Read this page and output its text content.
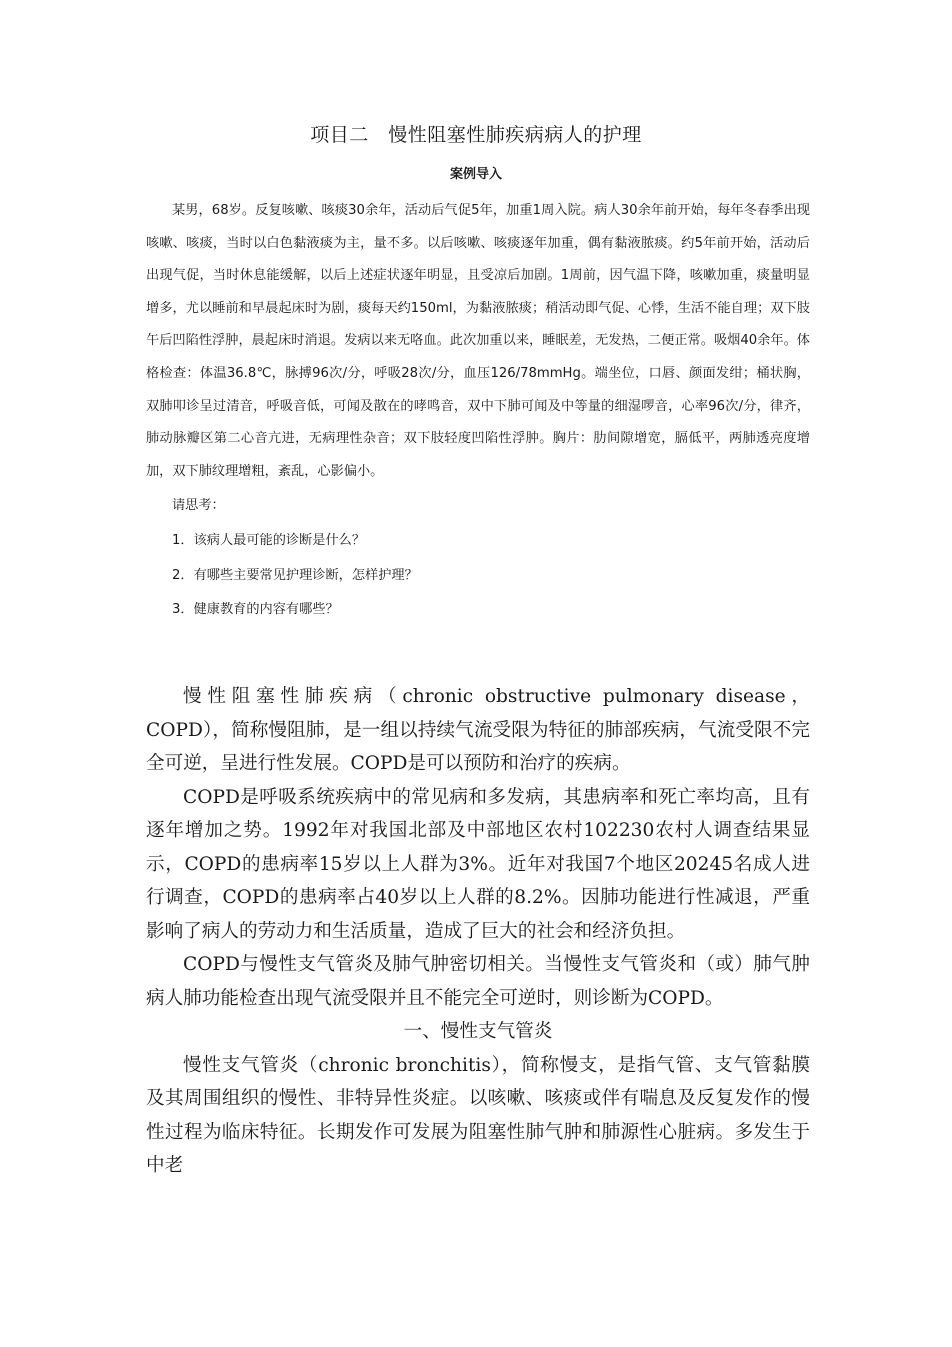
项目二　慢性阻塞性肺疾病病人的护理
案例导入

某男，68岁。反复咳嗽、咳痰30余年，活动后气促5年，加重1周入院。病人30余年前开始，每年冬春季出现咳嗽、咳痰，当时以白色黏液痰为主，量不多。以后咳嗽、咳痰逐年加重，偶有黏液脓痰。约5年前开始，活动后出现气促，当时休息能缓解，以后上述症状逐年明显，且受凉后加剧。1周前，因气温下降，咳嗽加重，痰量明显增多，尤以睡前和早晨起床时为剧，痰每天约150ml，为黏液脓痰；稍活动即气促、心悸，生活不能自理；双下肢午后凹陷性浮肿，晨起床时消退。发病以来无咯血。此次加重以来，睡眠差，无发热，二便正常。吸烟40余年。体格检查：体温36.8℃，脉搏96次/分，呼吸28次/分，血压126/78mmHg。端坐位，口唇、颜面发绀；桶状胸，双肺叩诊呈过清音，呼吸音低，可闻及散在的哮鸣音，双中下肺可闻及中等量的细湿啰音，心率96次/分，律齐，肺动脉瓣区第二心音亢进，无病理性杂音；双下肢轻度凹陷性浮肿。胸片：肋间隙增宽，膈低平，两肺透亮度增加，双下肺纹理增粗，紊乱，心影偏小。

请思考：

1．该病人最可能的诊断是什么？

2．有哪些主要常见护理诊断，怎样护理？

3．健康教育的内容有哪些？

慢性阻塞性肺疾病（chronic obstructive pulmonary disease，COPD），简称慢阻肺，是一组以持续气流受限为特征的肺部疾病，气流受限不完全可逆，呈进行性发展。COPD是可以预防和治疗的疾病。

COPD是呼吸系统疾病中的常见病和多发病，其患病率和死亡率均高，且有逐年增加之势。1992年对我国北部及中部地区农村102230农村人调查结果显示，COPD的患病率15岁以上人群为3%。近年对我国7个地区20245名成人进行调查，COPD的患病率占40岁以上人群的8.2%。因肺功能进行性减退，严重影响了病人的劳动力和生活质量，造成了巨大的社会和经济负担。

COPD与慢性支气管炎及肺气肿密切相关。当慢性支气管炎和（或）肺气肿病人肺功能检查出现气流受限并且不能完全可逆时，则诊断为COPD。

一、慢性支气管炎

慢性支气管炎（chronic bronchitis），简称慢支，是指气管、支气管黏膜及其周围组织的慢性、非特异性炎症。以咳嗽、咳痰或伴有喘息及反复发作的慢性过程为临床特征。长期发作可发展为阻塞性肺气肿和肺源性心脏病。多发生于中老
